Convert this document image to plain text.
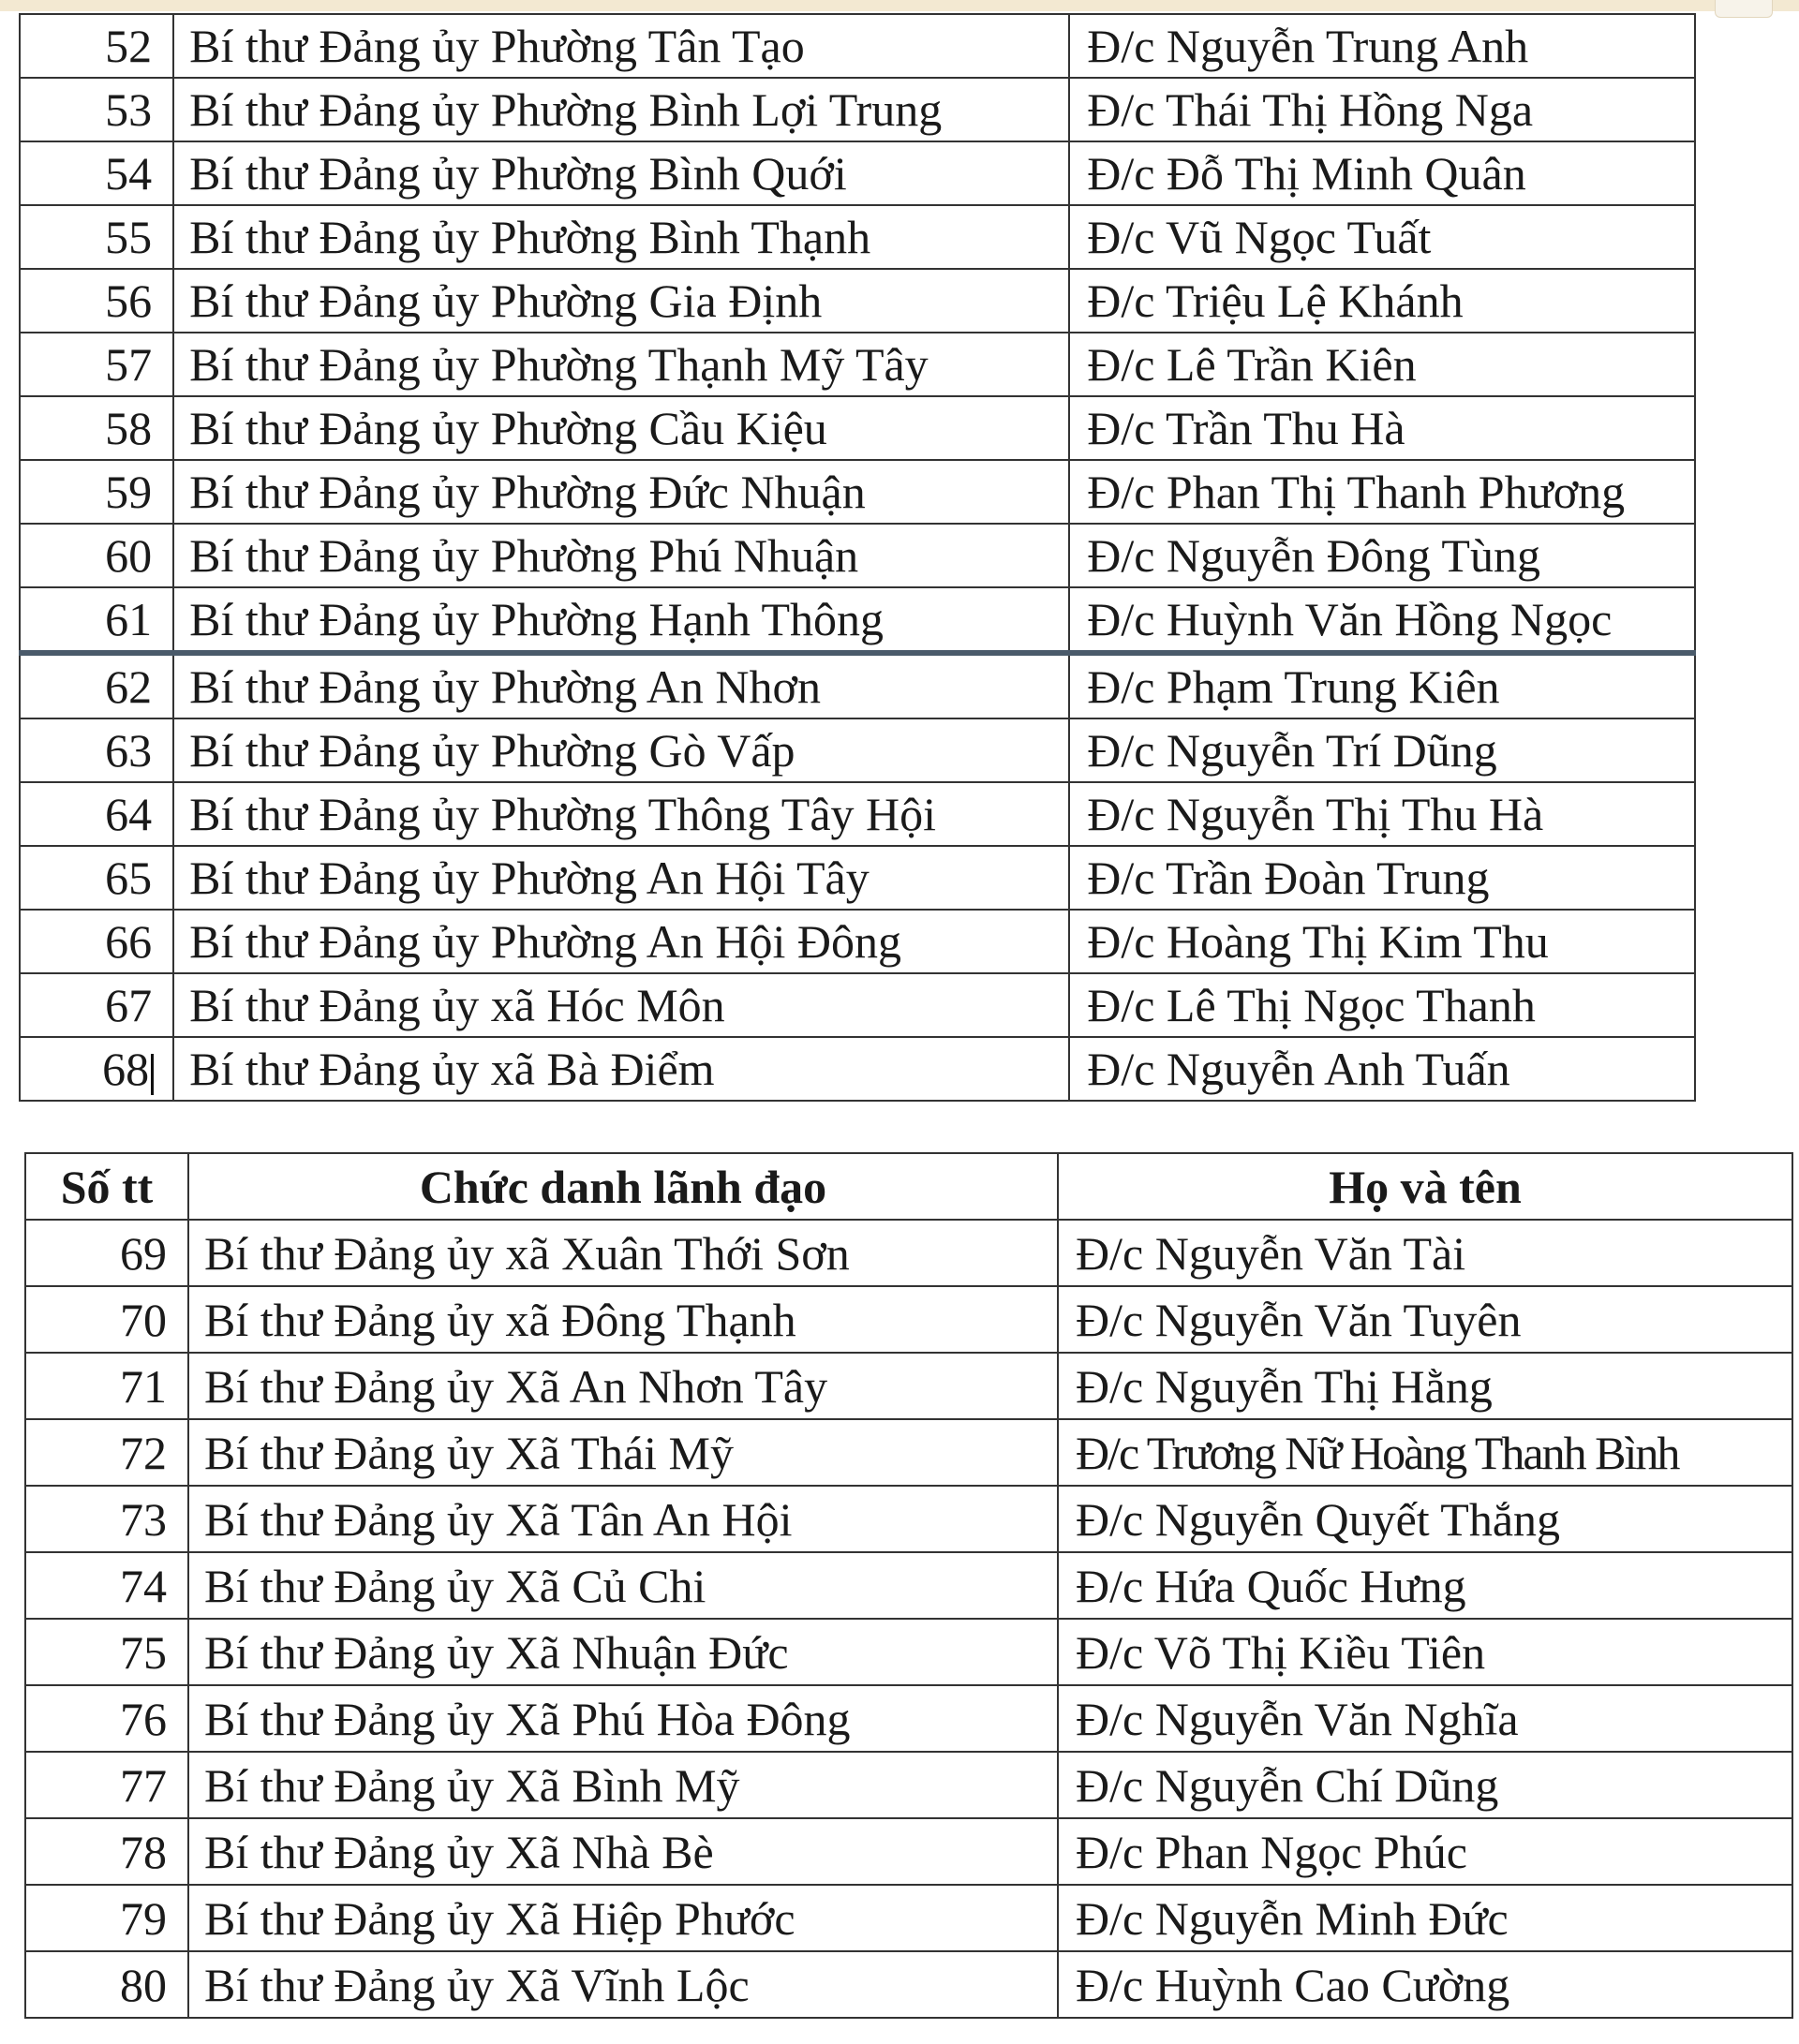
52	Bí thư Đảng ủy Phường Tân Tạo	Đ/c Nguyễn Trung Anh
53	Bí thư Đảng ủy Phường Bình Lợi Trung	Đ/c Thái Thị Hồng Nga
54	Bí thư Đảng ủy Phường Bình Quới	Đ/c Đỗ Thị Minh Quân
55	Bí thư Đảng ủy Phường Bình Thạnh	Đ/c Vũ Ngọc Tuất
56	Bí thư Đảng ủy Phường Gia Định	Đ/c Triệu Lệ Khánh
57	Bí thư Đảng ủy Phường Thạnh Mỹ Tây	Đ/c Lê Trần Kiên
58	Bí thư Đảng ủy Phường Cầu Kiệu	Đ/c Trần Thu Hà
59	Bí thư Đảng ủy Phường Đức Nhuận	Đ/c Phan Thị Thanh Phương
60	Bí thư Đảng ủy Phường Phú Nhuận	Đ/c Nguyễn Đông Tùng
61	Bí thư Đảng ủy Phường Hạnh Thông	Đ/c Huỳnh Văn Hồng Ngọc
62	Bí thư Đảng ủy Phường An Nhơn	Đ/c Phạm Trung Kiên
63	Bí thư Đảng ủy Phường Gò Vấp	Đ/c Nguyễn Trí Dũng
64	Bí thư Đảng ủy Phường Thông Tây Hội	Đ/c Nguyễn Thị Thu Hà
65	Bí thư Đảng ủy Phường An Hội Tây	Đ/c Trần Đoàn Trung
66	Bí thư Đảng ủy Phường An Hội Đông	Đ/c Hoàng Thị Kim Thu
67	Bí thư Đảng ủy xã Hóc Môn	Đ/c Lê Thị Ngọc Thanh
68	Bí thư Đảng ủy xã Bà Điểm	Đ/c Nguyễn Anh Tuấn
Số tt	Chức danh lãnh đạo	Họ và tên
69	Bí thư Đảng ủy xã Xuân Thới Sơn	Đ/c Nguyễn Văn Tài
70	Bí thư Đảng ủy xã Đông Thạnh	Đ/c Nguyễn Văn Tuyên
71	Bí thư Đảng ủy Xã An Nhơn Tây	Đ/c Nguyễn Thị Hằng
72	Bí thư Đảng ủy Xã Thái Mỹ	Đ/c Trương Nữ Hoàng Thanh Bình
73	Bí thư Đảng ủy Xã Tân An Hội	Đ/c Nguyễn Quyết Thắng
74	Bí thư Đảng ủy Xã Củ Chi	Đ/c Hứa Quốc Hưng
75	Bí thư Đảng ủy Xã Nhuận Đức	Đ/c Võ Thị Kiều Tiên
76	Bí thư Đảng ủy Xã Phú Hòa Đông	Đ/c Nguyễn Văn Nghĩa
77	Bí thư Đảng ủy Xã Bình Mỹ	Đ/c Nguyễn Chí Dũng
78	Bí thư Đảng ủy Xã Nhà Bè	Đ/c Phan Ngọc Phúc
79	Bí thư Đảng ủy Xã Hiệp Phước	Đ/c Nguyễn Minh Đức
80	Bí thư Đảng ủy Xã Vĩnh Lộc	Đ/c Huỳnh Cao Cường
